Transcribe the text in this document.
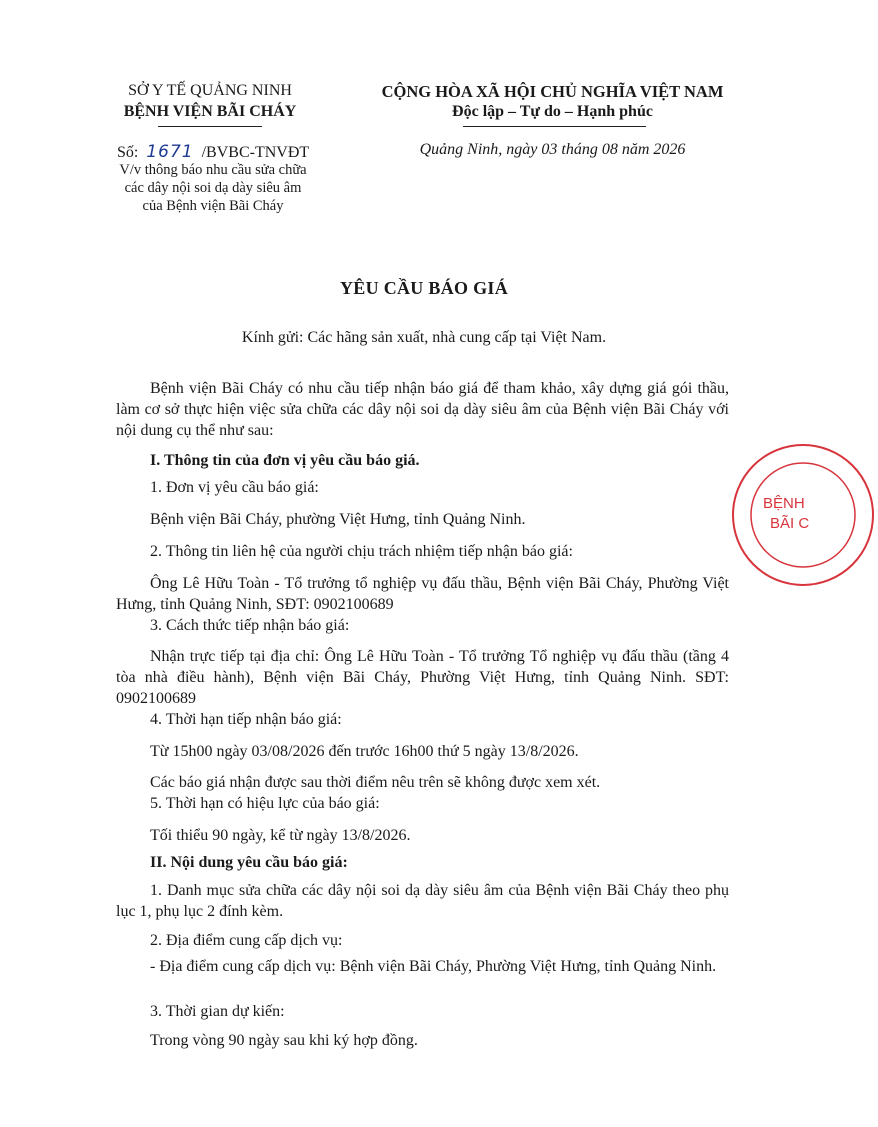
SỞ Y TẾ QUẢNG NINH
BỆNH VIỆN BÃI CHÁY
Số: 1671 /BVBC-TNVĐT
V/v thông báo nhu cầu sửa chữa các dây nội soi dạ dày siêu âm của Bệnh viện Bãi Cháy
CỘNG HÒA XÃ HỘI CHỦ NGHĨA VIỆT NAM
Độc lập – Tự do – Hạnh phúc
Quảng Ninh, ngày 03 tháng 08 năm 2026
YÊU CẦU BÁO GIÁ
Kính gửi: Các hãng sản xuất, nhà cung cấp tại Việt Nam.
Bệnh viện Bãi Cháy có nhu cầu tiếp nhận báo giá để tham khảo, xây dựng giá gói thầu, làm cơ sở thực hiện việc sửa chữa các dây nội soi dạ dày siêu âm của Bệnh viện Bãi Cháy với nội dung cụ thể như sau:
I. Thông tin của đơn vị yêu cầu báo giá.
1. Đơn vị yêu cầu báo giá:
Bệnh viện Bãi Cháy, phường Việt Hưng, tỉnh Quảng Ninh.
2. Thông tin liên hệ của người chịu trách nhiệm tiếp nhận báo giá:
Ông Lê Hữu Toàn - Tổ trưởng tổ nghiệp vụ đấu thầu, Bệnh viện Bãi Cháy, Phường Việt Hưng, tỉnh Quảng Ninh, SĐT: 0902100689
3. Cách thức tiếp nhận báo giá:
Nhận trực tiếp tại địa chỉ: Ông Lê Hữu Toàn - Tổ trưởng Tổ nghiệp vụ đấu thầu (tầng 4 tòa nhà điều hành), Bệnh viện Bãi Cháy, Phường Việt Hưng, tỉnh Quảng Ninh. SĐT: 0902100689
4. Thời hạn tiếp nhận báo giá:
Từ 15h00 ngày 03/08/2026 đến trước 16h00 thứ 5 ngày 13/8/2026.
Các báo giá nhận được sau thời điểm nêu trên sẽ không được xem xét.
5. Thời hạn có hiệu lực của báo giá:
Tối thiểu 90 ngày, kể từ ngày 13/8/2026.
II. Nội dung yêu cầu báo giá:
1. Danh mục sửa chữa các dây nội soi dạ dày siêu âm của Bệnh viện Bãi Cháy theo phụ lục 1, phụ lục 2 đính kèm.
2. Địa điểm cung cấp dịch vụ:
- Địa điểm cung cấp dịch vụ: Bệnh viện Bãi Cháy, Phường Việt Hưng, tỉnh Quảng Ninh.
3. Thời gian dự kiến:
Trong vòng 90 ngày sau khi ký hợp đồng.
BỆNH
BÃI C
